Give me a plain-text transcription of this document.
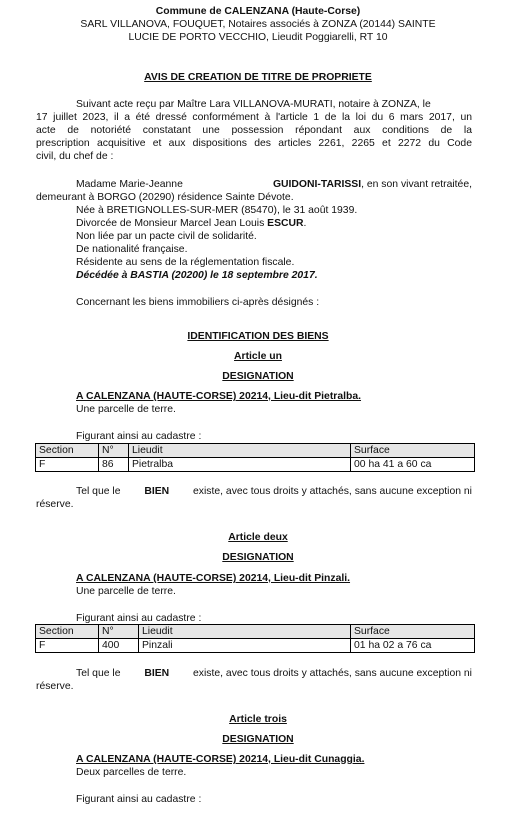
Commune de CALENZANA (Haute-Corse)
SARL VILLANOVA, FOUQUET, Notaires associés à ZONZA (20144) SAINTE
LUCIE DE PORTO VECCHIO, Lieudit Poggiarelli, RT 10
AVIS DE CREATION DE TITRE DE PROPRIETE
Suivant acte reçu par Maître Lara VILLANOVA-MURATI, notaire à ZONZA, le
17 juillet 2023, il a été dressé conformément à l'article 1 de la loi du 6 mars 2017, un
acte de notoriété constatant une possession répondant aux conditions de la
prescription acquisitive et aux dispositions des articles 2261, 2265 et 2272 du Code
civil, du chef de :
Madame Marie-Jeanne	GUIDONI-TARISSI, en son vivant retraitée,
demeurant à BORGO (20290) résidence Sainte Dévote.
Née à BRETIGNOLLES-SUR-MER (85470), le 31 août 1939.
Divorcée de Monsieur Marcel Jean Louis ESCUR.
Non liée par un pacte civil de solidarité.
De nationalité française.
Résidente au sens de la réglementation fiscale.
Décédée à BASTIA (20200) le 18 septembre 2017.
Concernant les biens immobiliers ci-après désignés :
IDENTIFICATION DES BIENS
Article un
DESIGNATION
A CALENZANA (HAUTE-CORSE) 20214, Lieu-dit Pietralba.
Une parcelle de terre.
Figurant ainsi au cadastre :
Section	N°	Lieudit	Surface
F	86	Pietralba	00 ha 41 a 60 ca
Tel que le BIEN existe, avec tous droits y attachés, sans aucune exception ni
réserve.
Article deux
DESIGNATION
A CALENZANA (HAUTE-CORSE) 20214, Lieu-dit Pinzali.
Une parcelle de terre.
Figurant ainsi au cadastre :
Section	N°	Lieudit	Surface
F	400	Pinzali	01 ha 02 a 76 ca
Tel que le BIEN existe, avec tous droits y attachés, sans aucune exception ni
réserve.
Article trois
DESIGNATION
A CALENZANA (HAUTE-CORSE) 20214, Lieu-dit Cunaggia.
Deux parcelles de terre.
Figurant ainsi au cadastre :
